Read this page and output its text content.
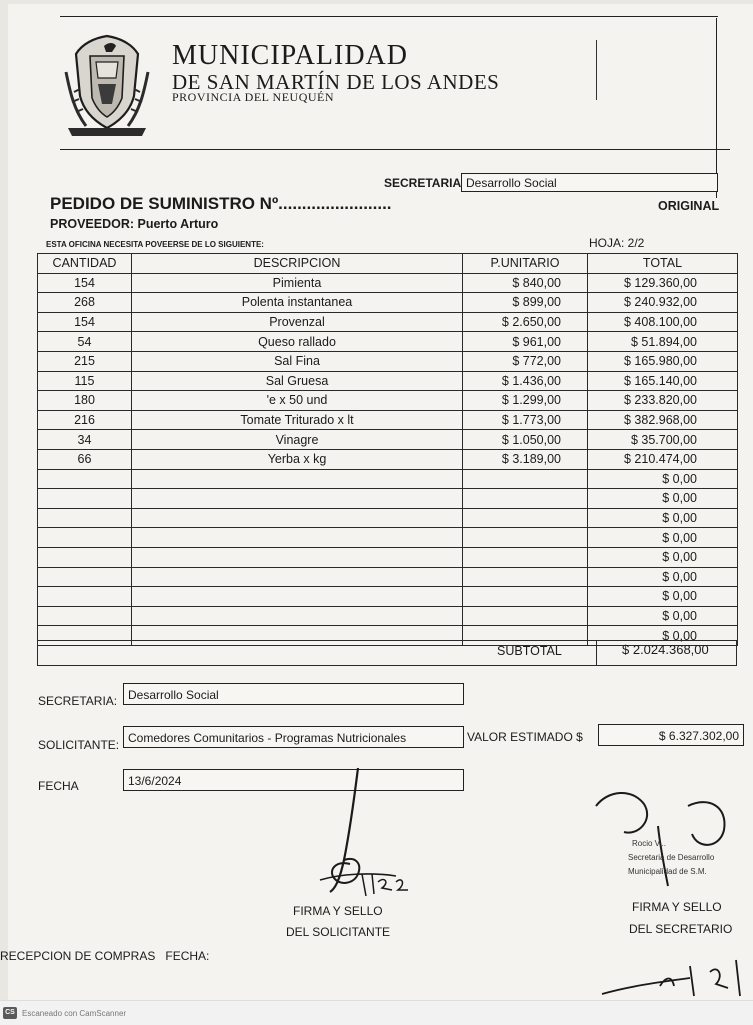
MUNICIPALIDAD
DE SAN MARTÍN DE LOS ANDES
PROVINCIA DEL NEUQUÉN
SECRETARIA Desarrollo Social
PEDIDO DE SUMINISTRO Nº........................	ORIGINAL
PROVEEDOR: Puerto Arturo
ESTA OFICINA NECESITA POVEERSE DE LO SIGUIENTE:	HOJA: 2/2
CANTIDAD	DESCRIPCION	P.UNITARIO	TOTAL
154	Pimienta	$ 840,00	$ 129.360,00
268	Polenta instantanea	$ 899,00	$ 240.932,00
154	Provenzal	$ 2.650,00	$ 408.100,00
54	Queso rallado	$ 961,00	$ 51.894,00
215	Sal Fina	$ 772,00	$ 165.980,00
115	Sal Gruesa	$ 1.436,00	$ 165.140,00
180	'e x 50 und	$ 1.299,00	$ 233.820,00
216	Tomate Triturado x lt	$ 1.773,00	$ 382.968,00
34	Vinagre	$ 1.050,00	$ 35.700,00
66	Yerba x kg	$ 3.189,00	$ 210.474,00
			$ 0,00
			$ 0,00
			$ 0,00
			$ 0,00
			$ 0,00
			$ 0,00
			$ 0,00
			$ 0,00
			$ 0,00
SUBTOTAL	$ 2.024.368,00
SECRETARIA: Desarrollo Social
SOLICITANTE: Comedores Comunitarios - Programas Nutricionales	VALOR ESTIMADO $	$ 6.327.302,00
FECHA	13/6/2024
FIRMA Y SELLO
DEL SOLICITANTE
Rocio V...
Secretaria de Desarrollo
Municipalidad de S.M.
FIRMA Y SELLO
DEL SECRETARIO
RECEPCION DE COMPRAS   FECHA:
CS Escaneado con CamScanner
